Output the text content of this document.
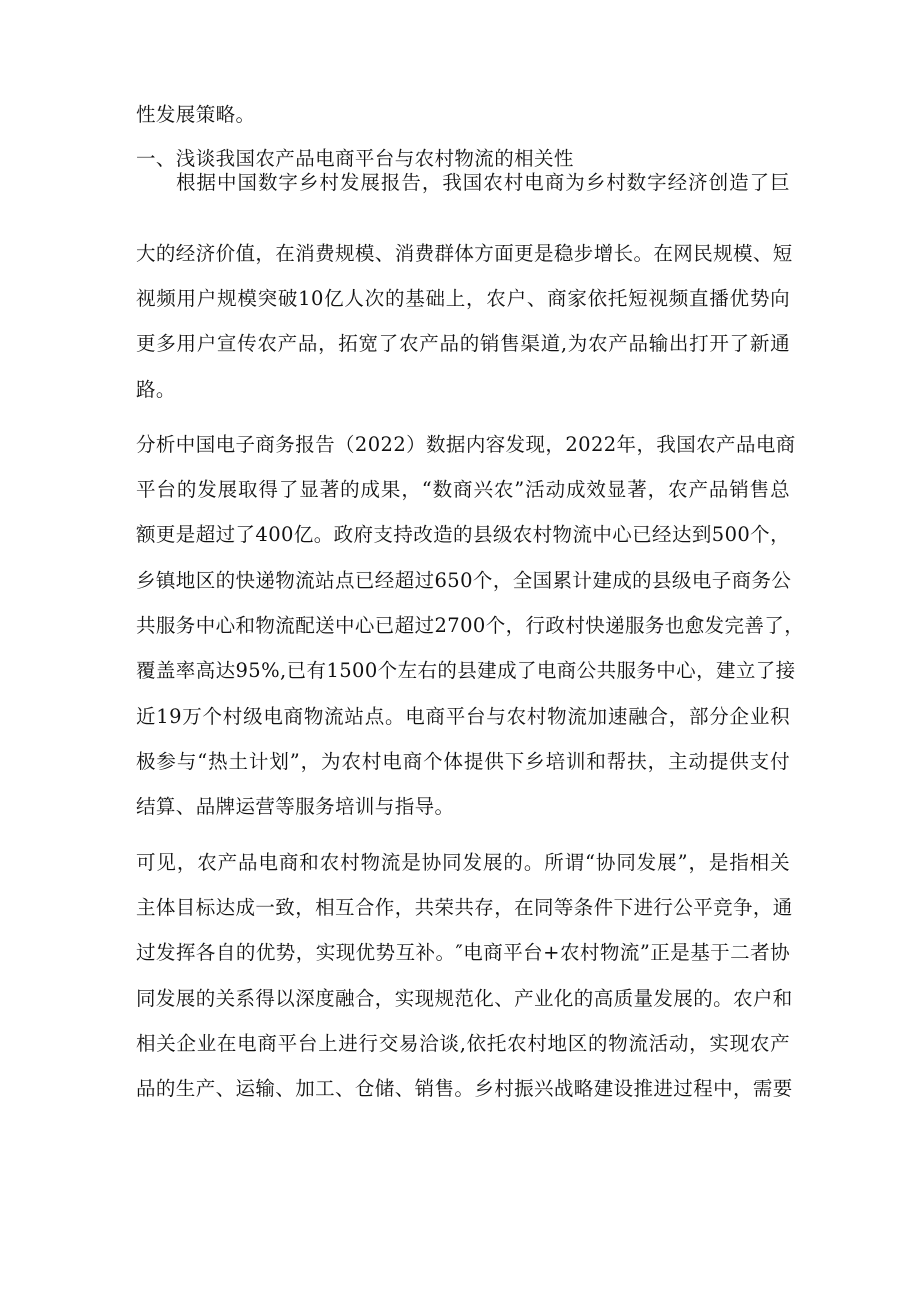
性发展策略。
一、浅谈我国农产品电商平台与农村物流的相关性
根据中国数字乡村发展报告，我国农村电商为乡村数字经济创造了巨
大的经济价值，在消费规模、消费群体方面更是稳步增长。在网民规模、短
视频用户规模突破10亿人次的基础上，农户、商家依托短视频直播优势向
更多用户宣传农产品，拓宽了农产品的销售渠道,为农产品输出打开了新通
路。
分析中国电子商务报告（2022）数据内容发现，2022年，我国农产品电商
平台的发展取得了显著的成果，“数商兴农”活动成效显著，农产品销售总
额更是超过了400亿。政府支持改造的县级农村物流中心已经达到500个，
乡镇地区的快递物流站点已经超过650个，全国累计建成的县级电子商务公
共服务中心和物流配送中心已超过2700个，行政村快递服务也愈发完善了，
覆盖率高达95%,已有1500个左右的县建成了电商公共服务中心，建立了接
近19万个村级电商物流站点。电商平台与农村物流加速融合，部分企业积
极参与“热土计划”，为农村电商个体提供下乡培训和帮扶，主动提供支付
结算、品牌运营等服务培训与指导。
可见，农产品电商和农村物流是协同发展的。所谓“协同发展”，是指相关
主体目标达成一致，相互合作，共荣共存，在同等条件下进行公平竞争，通
过发挥各自的优势，实现优势互补。″电商平台+农村物流”正是基于二者协
同发展的关系得以深度融合，实现规范化、产业化的高质量发展的。农户和
相关企业在电商平台上进行交易洽谈,依托农村地区的物流活动，实现农产
品的生产、运输、加工、仓储、销售。乡村振兴战略建设推进过程中，需要
